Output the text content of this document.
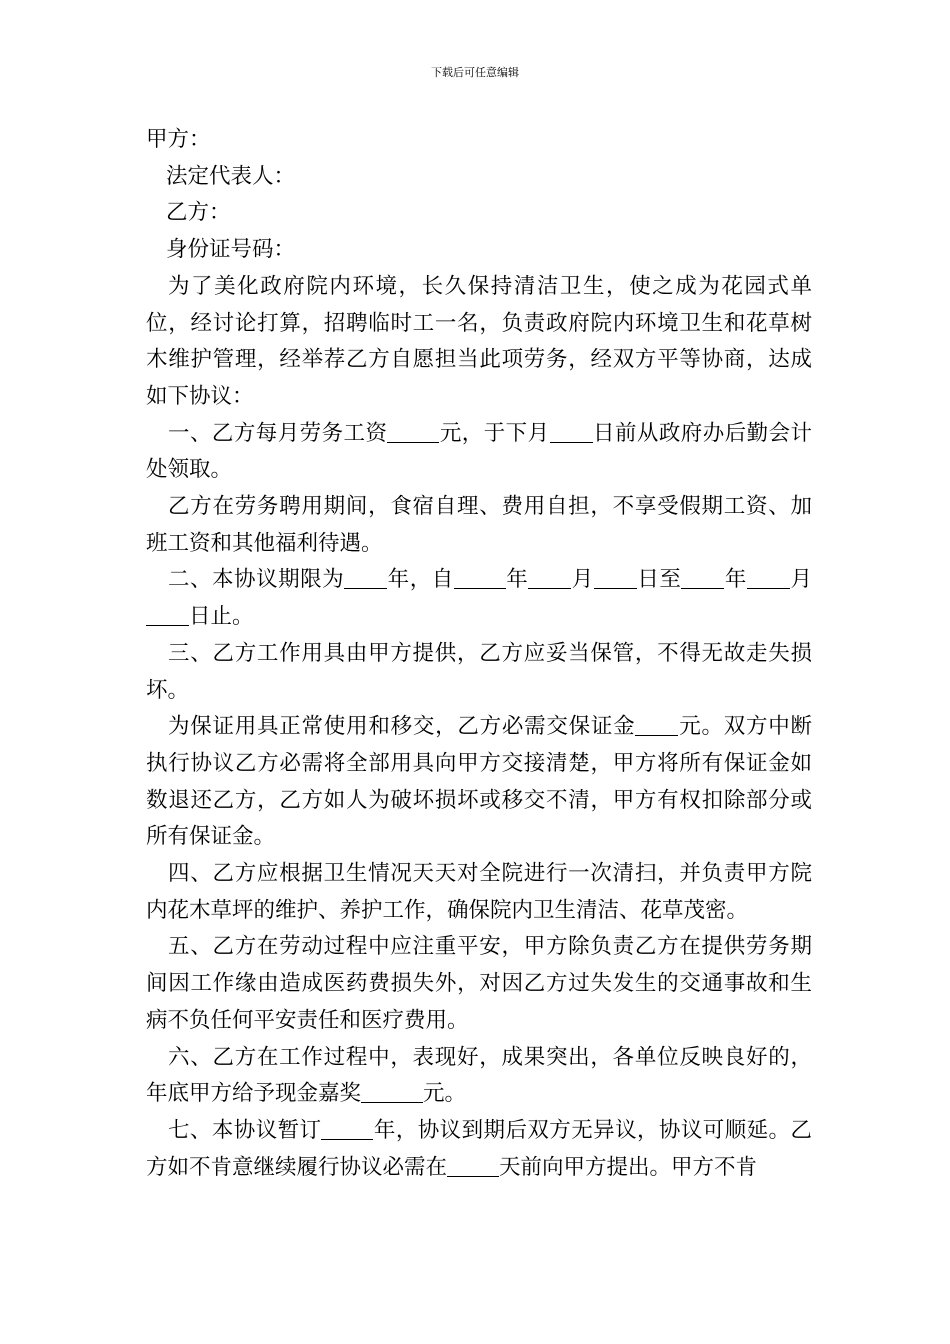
下载后可任意编辑

甲方：

法定代表人：

乙方：

身份证号码：

为了美化政府院内环境，长久保持清洁卫生，使之成为花园式单位，经讨论打算，招聘临时工一名，负责政府院内环境卫生和花草树木维护管理，经举荐乙方自愿担当此项劳务，经双方平等协商，达成如下协议：

一、乙方每月劳务工资 元，于下月 日前从政府办后勤会计处领取。

乙方在劳务聘用期间，食宿自理、费用自担，不享受假期工资、加班工资和其他福利待遇。

二、本协议期限为 年，自 年 月 日至 年 月日止。

三、乙方工作用具由甲方提供，乙方应妥当保管，不得无故走失损坏。

为保证用具正常使用和移交，乙方必需交保证金 元。双方中断执行协议乙方必需将全部用具向甲方交接清楚，甲方将所有保证金如数退还乙方，乙方如人为破坏损坏或移交不清，甲方有权扣除部分或所有保证金。

四、乙方应根据卫生情况天天对全院进行一次清扫，并负责甲方院内花木草坪的维护、养护工作，确保院内卫生清洁、花草茂密。

五、乙方在劳动过程中应注重平安，甲方除负责乙方在提供劳务期间因工作缘由造成医药费损失外，对因乙方过失发生的交通事故和生病不负任何平安责任和医疗费用。

六、乙方在工作过程中，表现好，成果突出，各单位反映良好的，年底甲方给予现金嘉奖	元。

七、本协议暂订 年，协议到期后双方无异议，协议可顺延。乙方如不肯意继续履行协议必需在 天前向甲方提出。甲方不肯
